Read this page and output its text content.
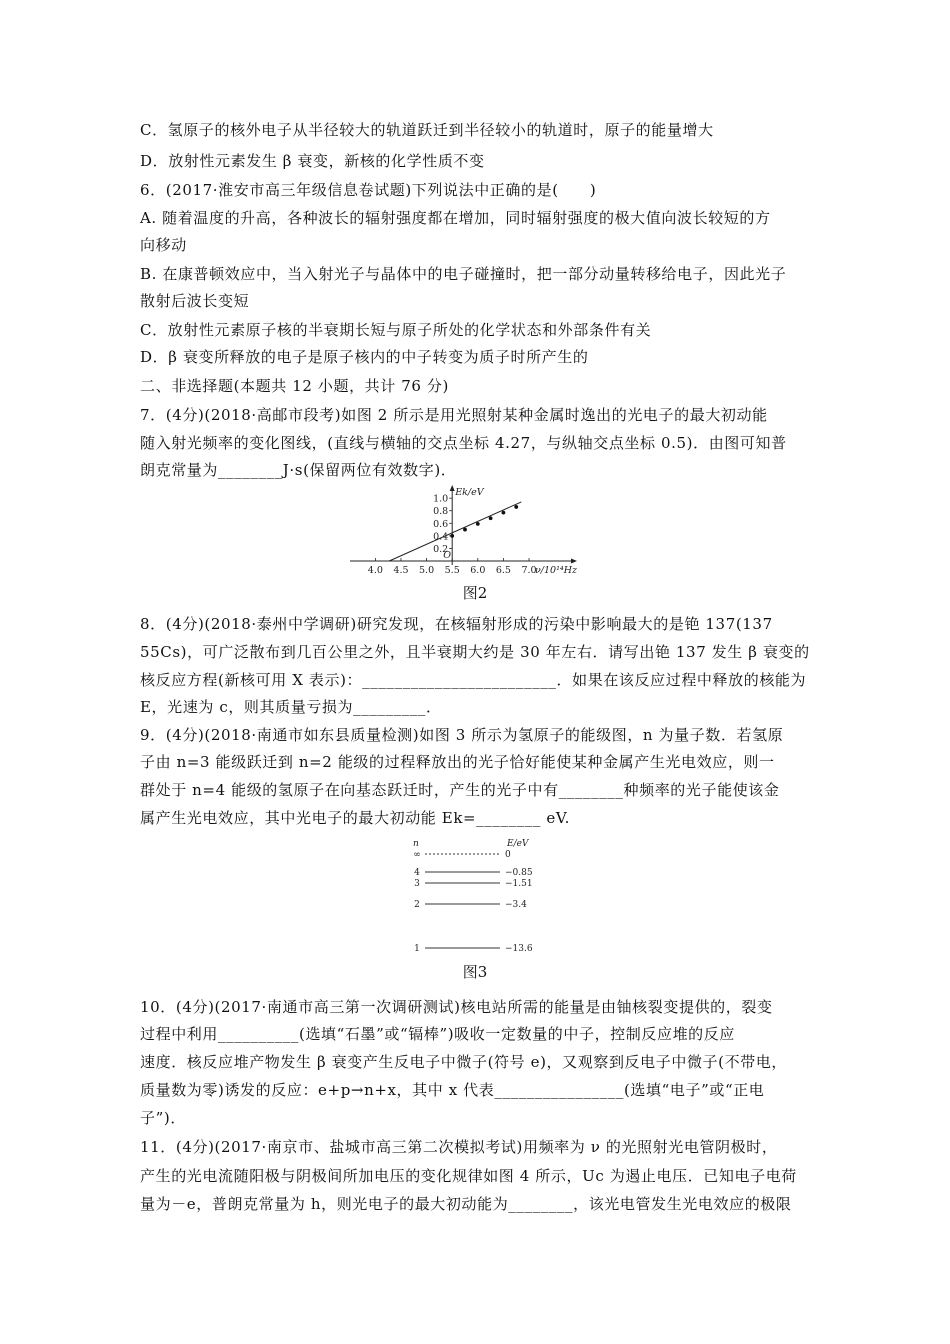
C．氢原子的核外电子从半径较大的轨道跃迁到半径较小的轨道时，原子的能量增大
D．放射性元素发生 β 衰变，新核的化学性质不变
6．(2017·淮安市高三年级信息卷试题)下列说法中正确的是(　　)
A. 随着温度的升高，各种波长的辐射强度都在增加，同时辐射强度的极大值向波长较短的方
向移动
B. 在康普顿效应中，当入射光子与晶体中的电子碰撞时，把一部分动量转移给电子，因此光子
散射后波长变短
C．放射性元素原子核的半衰期长短与原子所处的化学状态和外部条件有关
D．β 衰变所释放的电子是原子核内的中子转变为质子时所产生的
二、非选择题(本题共 12 小题，共计 76 分)
7．(4分)(2018·高邮市段考)如图 2 所示是用光照射某种金属时逸出的光电子的最大初动能
随入射光频率的变化图线，(直线与横轴的交点坐标 4.27，与纵轴交点坐标 0.5)．由图可知普
朗克常量为________J·s(保留两位有效数字)．
8．(4分)(2018·泰州中学调研)研究发现，在核辐射形成的污染中影响最大的是铯 137(137
55Cs)，可广泛散布到几百公里之外，且半衰期大约是 30 年左右．请写出铯 137 发生 β 衰变的
核反应方程(新核可用 X 表示)：________________________．如果在该反应过程中释放的核能为
E，光速为 c，则其质量亏损为_________．
9．(4分)(2018·南通市如东县质量检测)如图 3 所示为氢原子的能级图，n 为量子数．若氢原
子由 n=3 能级跃迁到 n=2 能级的过程释放出的光子恰好能使某种金属产生光电效应，则一
群处于 n=4 能级的氢原子在向基态跃迁时，产生的光子中有________种频率的光子能使该金
属产生光电效应，其中光电子的最大初动能 Ek=________ eV.
10．(4分)(2017·南通市高三第一次调研测试)核电站所需的能量是由铀核裂变提供的，裂变
过程中利用__________(选填“石墨”或“镉棒”)吸收一定数量的中子，控制反应堆的反应
速度．核反应堆产物发生 β 衰变产生反电子中微子(符号 e)，又观察到反电子中微子(不带电，
质量数为零)诱发的反应：e+p→n+x，其中 x 代表________________(选填“电子”或“正电
子”)．
11．(4分)(2017·南京市、盐城市高三第二次模拟考试)用频率为 ν 的光照射光电管阴极时，
产生的光电流随阳极与阴极间所加电压的变化规律如图 4 所示，Uc 为遏止电压．已知电子电荷
量为－e，普朗克常量为 h，则光电子的最大初动能为________，该光电管发生光电效应的极限
0.2
0.4
0.6
0.8
1.0
4.0 4.5 5.0 5.5 6.0 6.5 7.0
Ek/eV
ν/10¹⁴Hz
O
图2
n	E/eV
∞	0
4	−0.85
3	−1.51
2	−3.4
1	−13.6
图3
